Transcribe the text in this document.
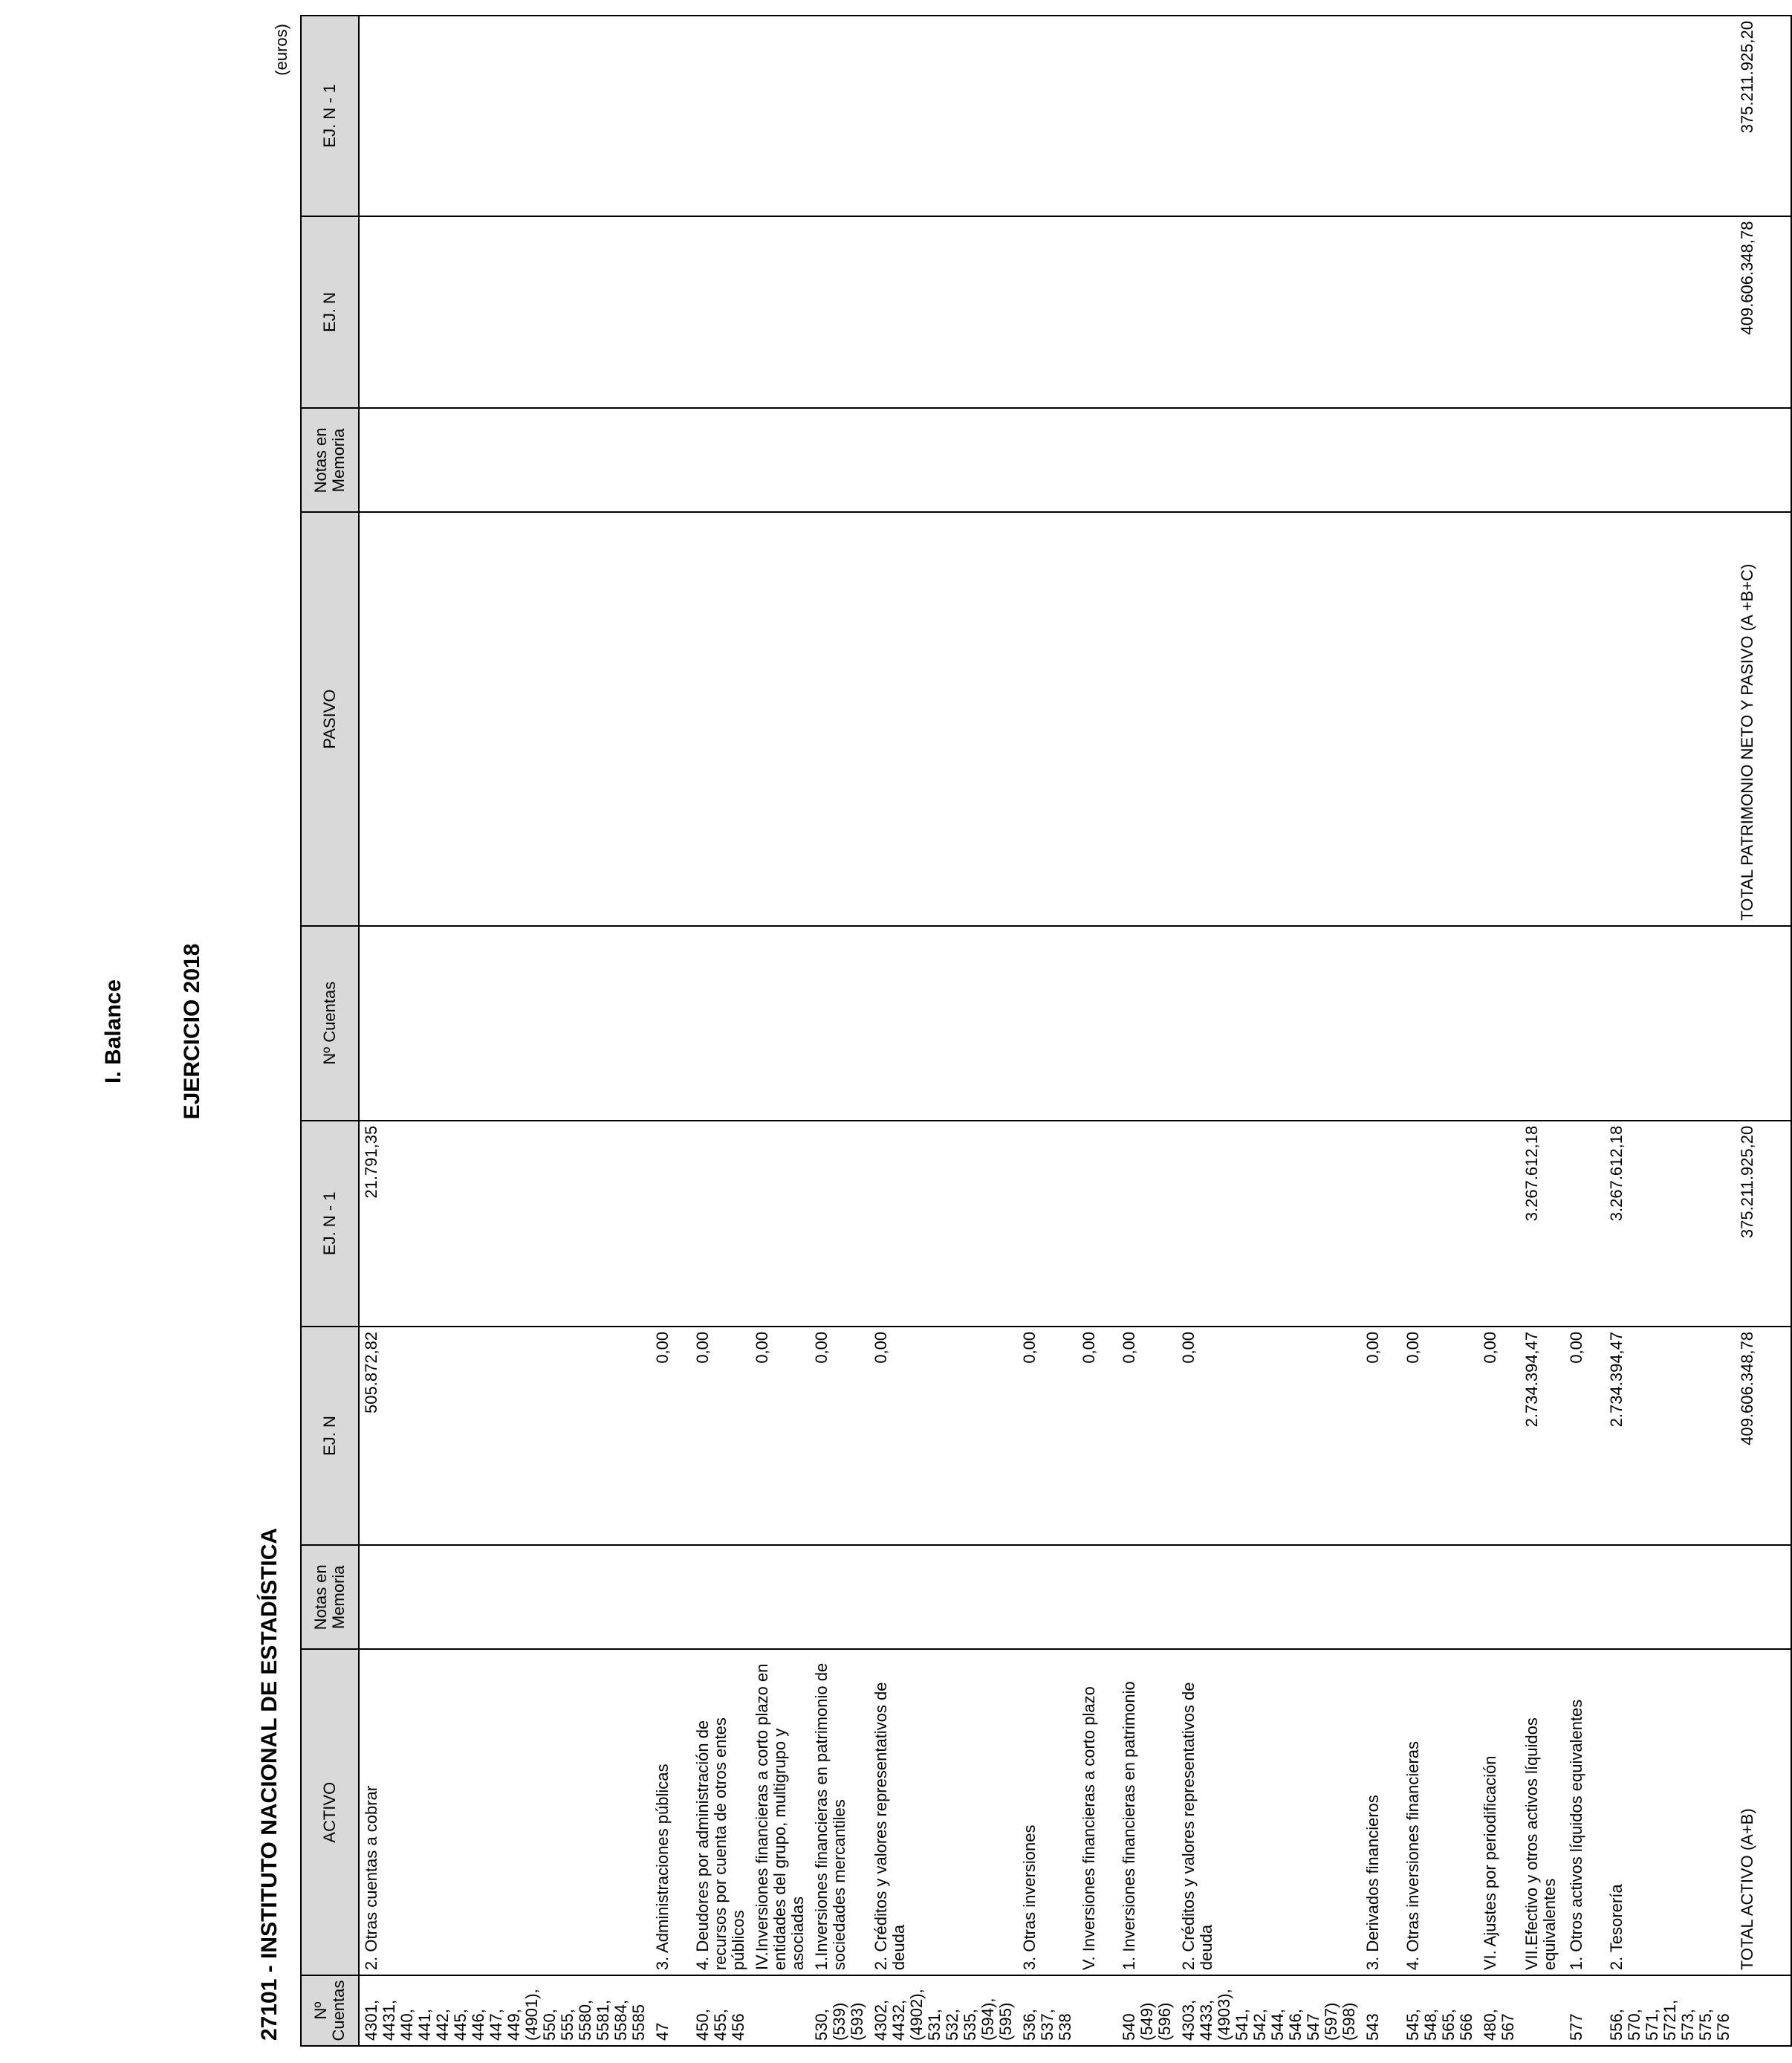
I. Balance EJERCICIO 2018
27101 - INSTITUTO NACIONAL DE ESTADÍSTICA
(euros)
Nº Cuentas	ACTIVO	Notas en Memoria	EJ. N	EJ. N - 1	Nº Cuentas	PASIVO	Notas en Memoria	EJ. N	EJ. N - 1
4301, 4431, 440, 441, 442, 445, 446, 447, 449, (4901), 550, 555, 5580, 5581, 5584, 5585	2. Otras cuentas a cobrar		505.872,82	21.791,35					
47	3. Administraciones públicas		0,00						
450, 455, 456	4. Deudores por administración de recursos por cuenta de otros entes públicos		0,00						
	IV.Inversiones financieras a corto plazo en entidades del grupo, multigrupo y asociadas		0,00						
530, (539) (593)	1.Inversiones financieras en patrimonio de sociedades mercantiles		0,00						
4302, 4432, (4902), 531, 532, 535, (594), (595)	2. Créditos y valores representativos de deuda		0,00						
536, 537, 538	3. Otras inversiones		0,00						
	V. Inversiones financieras a corto plazo		0,00						
540 (549) (596)	1. Inversiones financieras en patrimonio		0,00						
4303, 4433, (4903), 541, 542, 544, 546, 547 (597) (598)	2. Créditos y valores representativos de deuda		0,00						
543	3. Derivados financieros		0,00						
545, 548, 565, 566	4. Otras inversiones financieras		0,00						
480, 567	VI. Ajustes por periodificación		0,00						
	VII.Efectivo y otros activos líquidos equivalentes		2.734.394,47	3.267.612,18					
577	1. Otros activos líquidos equivalentes		0,00						
556, 570, 571, 5721, 573, 575, 576	2. Tesorería		2.734.394,47	3.267.612,18					
	TOTAL ACTIVO (A+B)		409.606.348,78	375.211.925,20		TOTAL PATRIMONIO NETO Y PASIVO (A +B+C)		409.606.348,78	375.211.925,20
